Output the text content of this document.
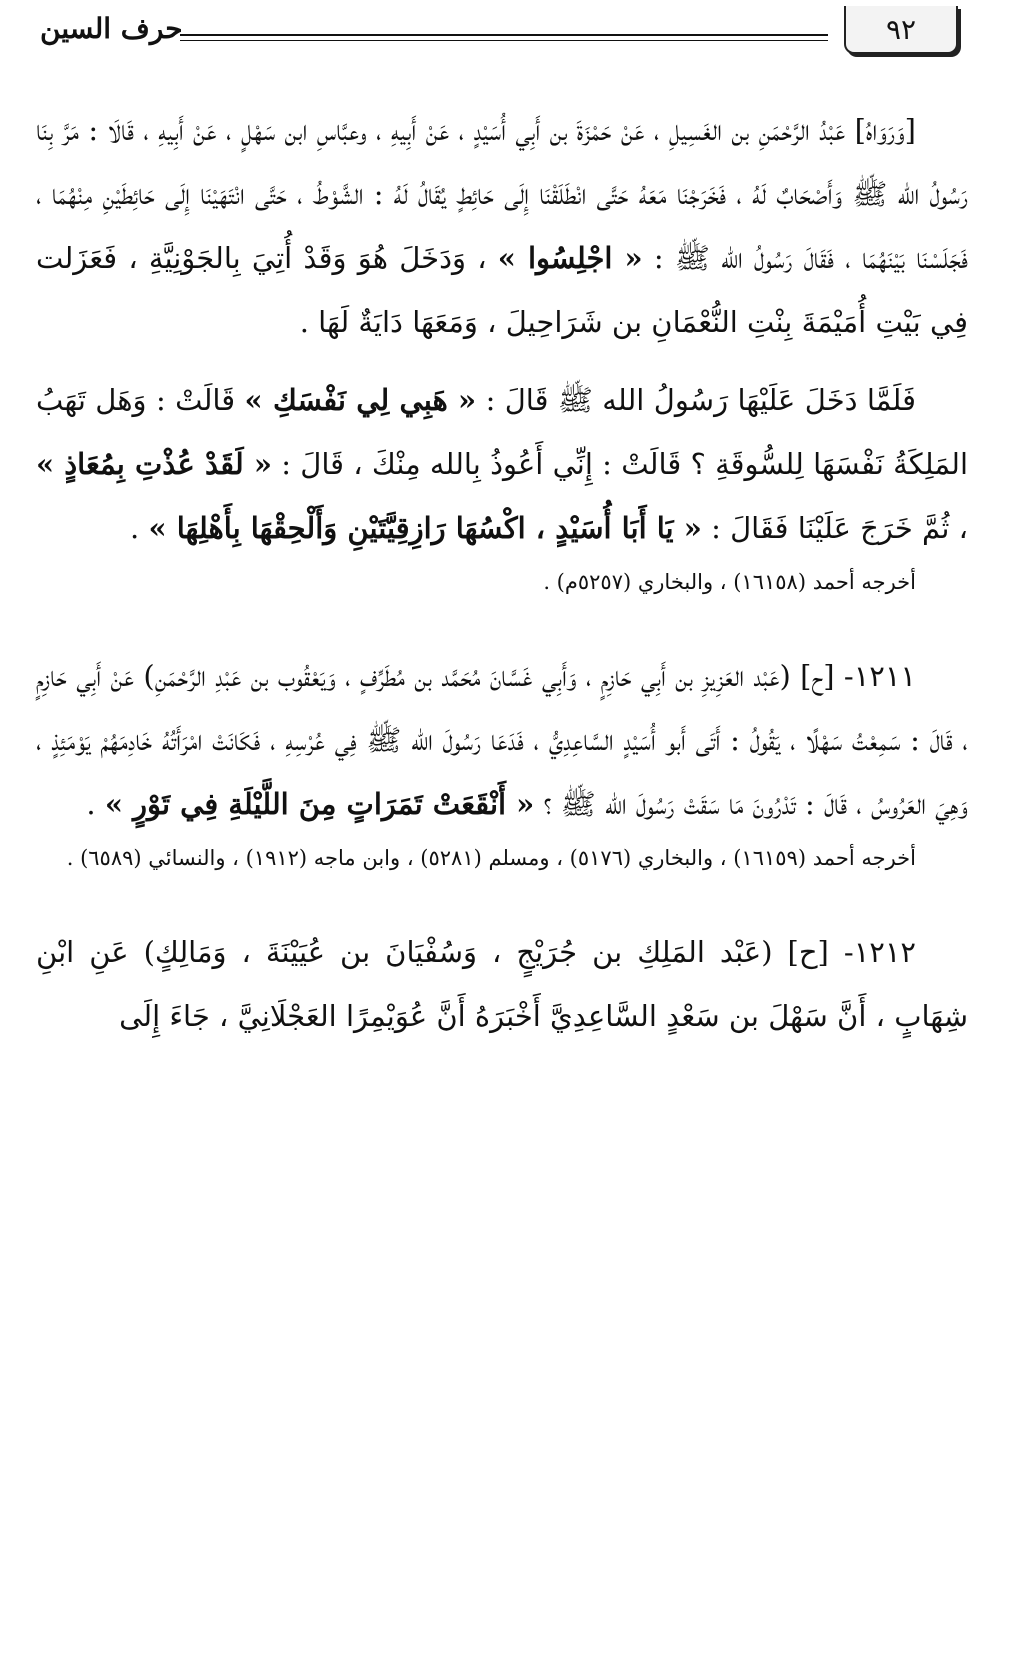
٩٢
حرف السين

[وَرَوَاهُ] عَبْدُ الرَّحْمَنِ بن الغَسِيلِ ، عَنْ حَمْزَةَ بن أَبِي أُسَيْدٍ ، عَنْ أَبِيهِ ، وعبَّاسِ ابن سَهْلٍ ، عَنْ أَبِيهِ ، قَالَا : مَرَّ بِنَا رَسُولُ الله ﷺ وَأَصْحَابٌ لَهُ ، فَخَرَجْنَا مَعَهُ حَتَّى انْطَلَقْنَا إِلَى حَائِطٍ يُقَالُ لَهُ : الشَّوْطُ ، حَتَّى انْتَهَيْنَا إِلَى حَائِطَيْنِ مِنْهُمَا ، فَجَلَسْنَا بَيْنَهُمَا ، فَقَالَ رَسُولُ الله ﷺ : « اجْلِسُوا » ، وَدَخَلَ هُوَ وَقَدْ أُتِيَ بِالجَوْنِيَّةِ ، فَعَزَلت فِي بَيْتِ أُمَيْمَةَ بِنْتِ النُّعْمَانِ بن شَرَاحِيلَ ، وَمَعَهَا دَايَةٌ لَهَا .

فَلَمَّا دَخَلَ عَلَيْهَا رَسُولُ الله ﷺ قَالَ : « هَبِي لِي نَفْسَكِ » قَالَتْ : وَهَل تَهَبُ المَلِكَةُ نَفْسَهَا لِلسُّوقَةِ ؟ قَالَتْ : إِنِّي أَعُوذُ بِالله مِنْكَ ، قَالَ : « لَقَدْ عُذْتِ بِمُعَاذٍ » ، ثُمَّ خَرَجَ عَلَيْنَا فَقَالَ : « يَا أَبَا أُسَيْدٍ ، اكْسُهَا رَازِقِيَّتَيْنِ وَأَلْحِقْهَا بِأَهْلِهَا » .

أخرجه أحمد (١٦١٥٨) ، والبخاري (٥٢٥٧م) .

١٢١١- [ح] (عَبْد العَزِيزِ بن أَبِي حَازِمٍ ، وَأَبِي غَسَّانَ مُحَمَّد بن مُطَرِّفٍ ، وَيَعْقُوب بن عَبْدِ الرَّحْمَنِ) عَنْ أَبِي حَازِمٍ ، قَالَ : سَمِعْتُ سَهْلًا ، يَقُولُ : أَتَى أَبو أُسَيْدٍ السَّاعِدِيُّ ، فَدَعَا رَسُولَ الله ﷺ فِي عُرْسِهِ ، فَكَانَتْ امْرَأَتُهُ خَادِمَهُمْ يَوْمَئِذٍ ، وَهِيَ العَرُوسُ ، قَالَ : تَدْرُونَ مَا سَقَتْ رَسُولَ الله ﷺ ؟ « أَنْقَعَتْ تَمَرَاتٍ مِنَ اللَّيْلَةِ فِي تَوْرٍ » .

أخرجه أحمد (١٦١٥٩) ، والبخاري (٥١٧٦) ، ومسلم (٥٢٨١) ، وابن ماجه (١٩١٢) ، والنسائي (٦٥٨٩) .

١٢١٢- [ح] (عَبْد المَلِكِ بن جُرَيْجٍ ، وَسُفْيَانَ بن عُيَيْنَةَ ، وَمَالِكٍ) عَنِ ابْنِ شِهَابٍ ، أَنَّ سَهْلَ بن سَعْدٍ السَّاعِدِيَّ أَخْبَرَهُ أَنَّ عُوَيْمِرًا العَجْلَانِيَّ ، جَاءَ إِلَى
